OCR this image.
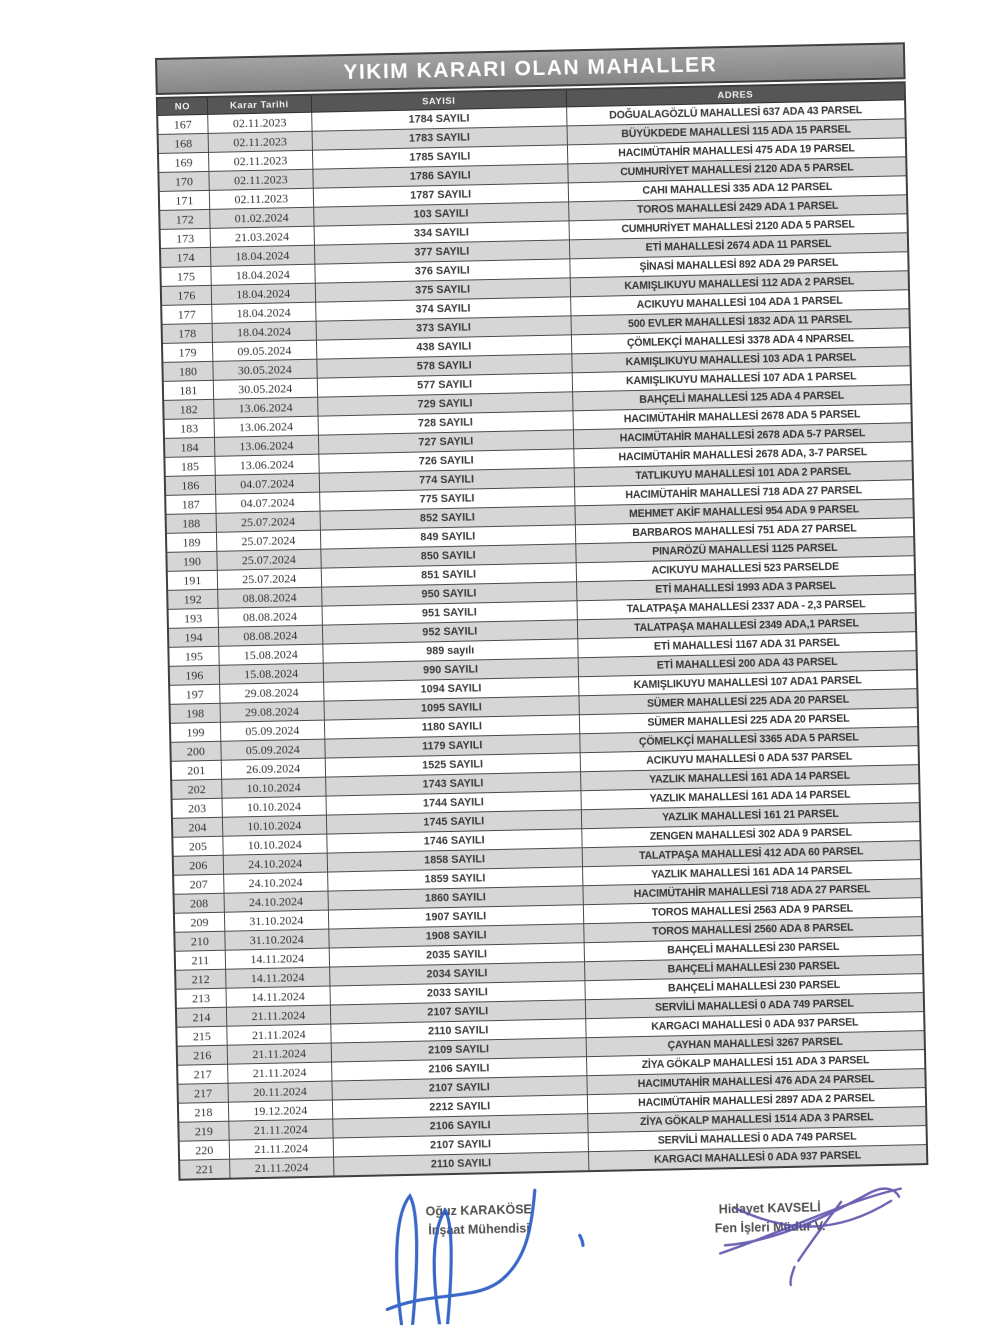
YIKIM KARARI OLAN MAHALLER
NO	Karar Tarihi	SAYISI	ADRES
167	02.11.2023	1784 SAYILI	DOĞUALAGÖZLÜ MAHALLESİ 637 ADA 43 PARSEL
168	02.11.2023	1783 SAYILI	BÜYÜKDEDE MAHALLESİ 115 ADA 15 PARSEL
169	02.11.2023	1785 SAYILI	HACIMÜTAHİR MAHALLESİ 475 ADA 19 PARSEL
170	02.11.2023	1786 SAYILI	CUMHURİYET MAHALLESİ 2120 ADA 5 PARSEL
171	02.11.2023	1787 SAYILI	CAHI MAHALLESİ 335 ADA 12 PARSEL
172	01.02.2024	103 SAYILI	TOROS MAHALLESİ 2429 ADA 1 PARSEL
173	21.03.2024	334 SAYILI	CUMHURİYET MAHALLESİ 2120 ADA 5 PARSEL
174	18.04.2024	377 SAYILI	ETİ MAHALLESİ 2674 ADA 11 PARSEL
175	18.04.2024	376 SAYILI	ŞİNASİ MAHALLESİ 892 ADA 29 PARSEL
176	18.04.2024	375 SAYILI	KAMIŞLIKUYU MAHALLESİ 112 ADA 2 PARSEL
177	18.04.2024	374 SAYILI	ACIKUYU MAHALLESİ 104 ADA 1 PARSEL
178	18.04.2024	373 SAYILI	500 EVLER MAHALLESİ 1832 ADA 11 PARSEL
179	09.05.2024	438 SAYILI	ÇÖMLEKÇİ MAHALLESİ 3378 ADA 4 NPARSEL
180	30.05.2024	578 SAYILI	KAMIŞLIKUYU MAHALLESİ 103 ADA 1 PARSEL
181	30.05.2024	577 SAYILI	KAMIŞLIKUYU MAHALLESİ 107 ADA 1 PARSEL
182	13.06.2024	729 SAYILI	BAHÇELİ MAHALLESİ 125 ADA 4 PARSEL
183	13.06.2024	728 SAYILI	HACIMÜTAHİR MAHALLESİ 2678 ADA 5 PARSEL
184	13.06.2024	727 SAYILI	HACIMÜTAHİR MAHALLESİ 2678 ADA 5-7 PARSEL
185	13.06.2024	726 SAYILI	HACIMÜTAHİR MAHALLESİ 2678 ADA, 3-7 PARSEL
186	04.07.2024	774 SAYILI	TATLIKUYU MAHALLESİ 101 ADA 2 PARSEL
187	04.07.2024	775 SAYILI	HACIMÜTAHİR MAHALLESİ 718 ADA 27 PARSEL
188	25.07.2024	852 SAYILI	MEHMET AKİF MAHALLESİ 954 ADA 9 PARSEL
189	25.07.2024	849 SAYILI	BARBAROS MAHALLESİ 751 ADA 27 PARSEL
190	25.07.2024	850 SAYILI	PINARÖZÜ MAHALLESİ 1125 PARSEL
191	25.07.2024	851 SAYILI	ACIKUYU MAHALLESİ 523 PARSELDE
192	08.08.2024	950 SAYILI	ETİ MAHALLESİ 1993 ADA 3 PARSEL
193	08.08.2024	951 SAYILI	TALATPAŞA MAHALLESİ 2337 ADA - 2,3 PARSEL
194	08.08.2024	952 SAYILI	TALATPAŞA MAHALLESİ 2349 ADA,1 PARSEL
195	15.08.2024	989 sayılı	ETİ MAHALLESİ 1167 ADA 31 PARSEL
196	15.08.2024	990 SAYILI	ETİ MAHALLESİ 200 ADA 43 PARSEL
197	29.08.2024	1094 SAYILI	KAMIŞLIKUYU MAHALLESİ 107 ADA1 PARSEL
198	29.08.2024	1095 SAYILI	SÜMER MAHALLESİ 225 ADA 20 PARSEL
199	05.09.2024	1180 SAYILI	SÜMER MAHALLESİ 225 ADA 20 PARSEL
200	05.09.2024	1179 SAYILI	ÇÖMELKÇİ MAHALLESİ 3365 ADA 5 PARSEL
201	26.09.2024	1525 SAYILI	ACIKUYU MAHALLESİ 0 ADA 537 PARSEL
202	10.10.2024	1743 SAYILI	YAZLIK MAHALLESİ 161 ADA 14 PARSEL
203	10.10.2024	1744 SAYILI	YAZLIK MAHALLESİ 161 ADA 14 PARSEL
204	10.10.2024	1745 SAYILI	YAZLIK MAHALLESİ 161 21 PARSEL
205	10.10.2024	1746 SAYILI	ZENGEN MAHALLESİ 302 ADA 9 PARSEL
206	24.10.2024	1858 SAYILI	TALATPAŞA MAHALLESİ 412 ADA 60 PARSEL
207	24.10.2024	1859 SAYILI	YAZLIK MAHALLESİ 161 ADA 14 PARSEL
208	24.10.2024	1860 SAYILI	HACIMÜTAHİR MAHALLESİ 718 ADA 27 PARSEL
209	31.10.2024	1907 SAYILI	TOROS MAHALLESİ 2563 ADA 9 PARSEL
210	31.10.2024	1908 SAYILI	TOROS MAHALLESİ 2560 ADA 8 PARSEL
211	14.11.2024	2035 SAYILI	BAHÇELİ MAHALLESİ 230 PARSEL
212	14.11.2024	2034 SAYILI	BAHÇELİ MAHALLESİ 230 PARSEL
213	14.11.2024	2033 SAYILI	BAHÇELİ MAHALLESİ 230 PARSEL
214	21.11.2024	2107 SAYILI	SERVİLİ MAHALLESİ 0 ADA 749 PARSEL
215	21.11.2024	2110 SAYILI	KARGACI MAHALLESİ 0 ADA 937 PARSEL
216	21.11.2024	2109 SAYILI	ÇAYHAN MAHALLESİ 3267 PARSEL
217	21.11.2024	2106 SAYILI	ZİYA GÖKALP MAHALLESİ 151 ADA 3 PARSEL
217	20.11.2024	2107 SAYILI	HACIMUTAHİR MAHALLESİ 476 ADA 24 PARSEL
218	19.12.2024	2212 SAYILI	HACIMÜTAHİR MAHALLESİ 2897 ADA 2 PARSEL
219	21.11.2024	2106 SAYILI	ZİYA GÖKALP MAHALLESİ 1514 ADA 3 PARSEL
220	21.11.2024	2107 SAYILI	SERVİLİ MAHALLESİ 0 ADA 749 PARSEL
221	21.11.2024	2110 SAYILI	KARGACI MAHALLESİ 0 ADA 937 PARSEL
Oğuz KARAKÖSE
İnşaat Mühendisi
Hidayet KAVSELİ
Fen İşleri Müdür V.
